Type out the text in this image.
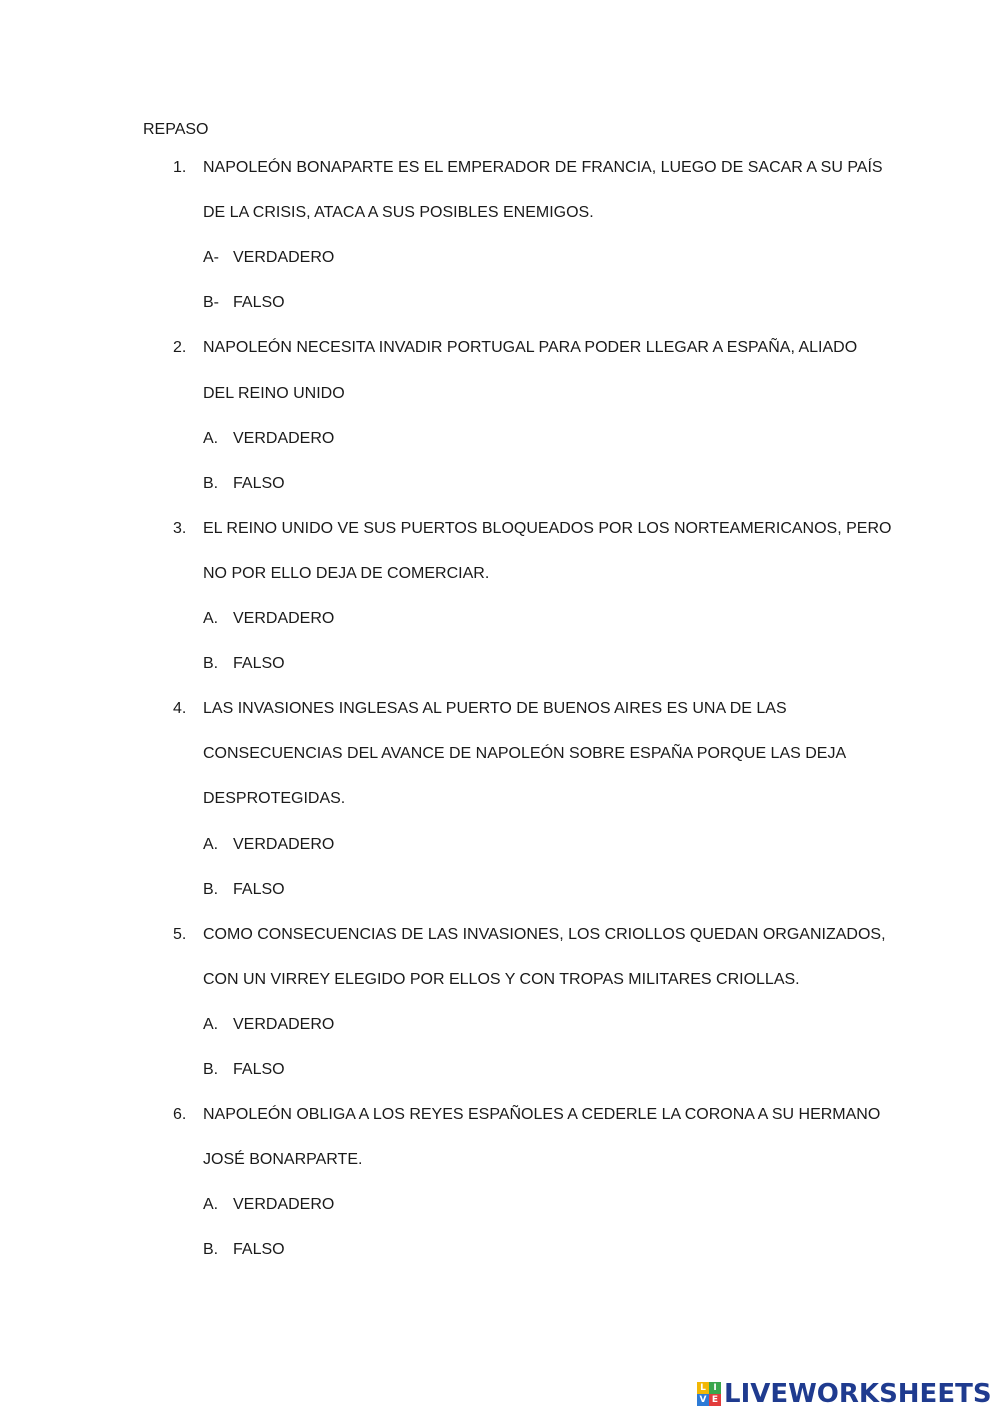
REPASO
1. NAPOLEÓN BONAPARTE ES EL EMPERADOR DE FRANCIA, LUEGO DE SACAR A SU PAÍS
DE LA CRISIS, ATACA A SUS POSIBLES ENEMIGOS.
A- VERDADERO
B- FALSO
2. NAPOLEÓN NECESITA INVADIR PORTUGAL PARA PODER LLEGAR A ESPAÑA, ALIADO
DEL REINO UNIDO
A. VERDADERO
B. FALSO
3. EL REINO UNIDO VE SUS PUERTOS BLOQUEADOS POR LOS NORTEAMERICANOS, PERO
NO POR ELLO DEJA DE COMERCIAR.
A. VERDADERO
B. FALSO
4. LAS INVASIONES INGLESAS AL PUERTO DE BUENOS AIRES ES UNA DE LAS
CONSECUENCIAS DEL AVANCE DE NAPOLEÓN SOBRE ESPAÑA PORQUE LAS DEJA
DESPROTEGIDAS.
A. VERDADERO
B. FALSO
5. COMO CONSECUENCIAS DE LAS INVASIONES, LOS CRIOLLOS QUEDAN ORGANIZADOS,
CON UN VIRREY ELEGIDO POR ELLOS Y CON TROPAS MILITARES CRIOLLAS.
A. VERDADERO
B. FALSO
6. NAPOLEÓN OBLIGA A LOS REYES ESPAÑOLES A CEDERLE LA CORONA A SU HERMANO
JOSÉ BONARPARTE.
A. VERDADERO
B. FALSO
L I
V E LIVEWORKSHEETS
